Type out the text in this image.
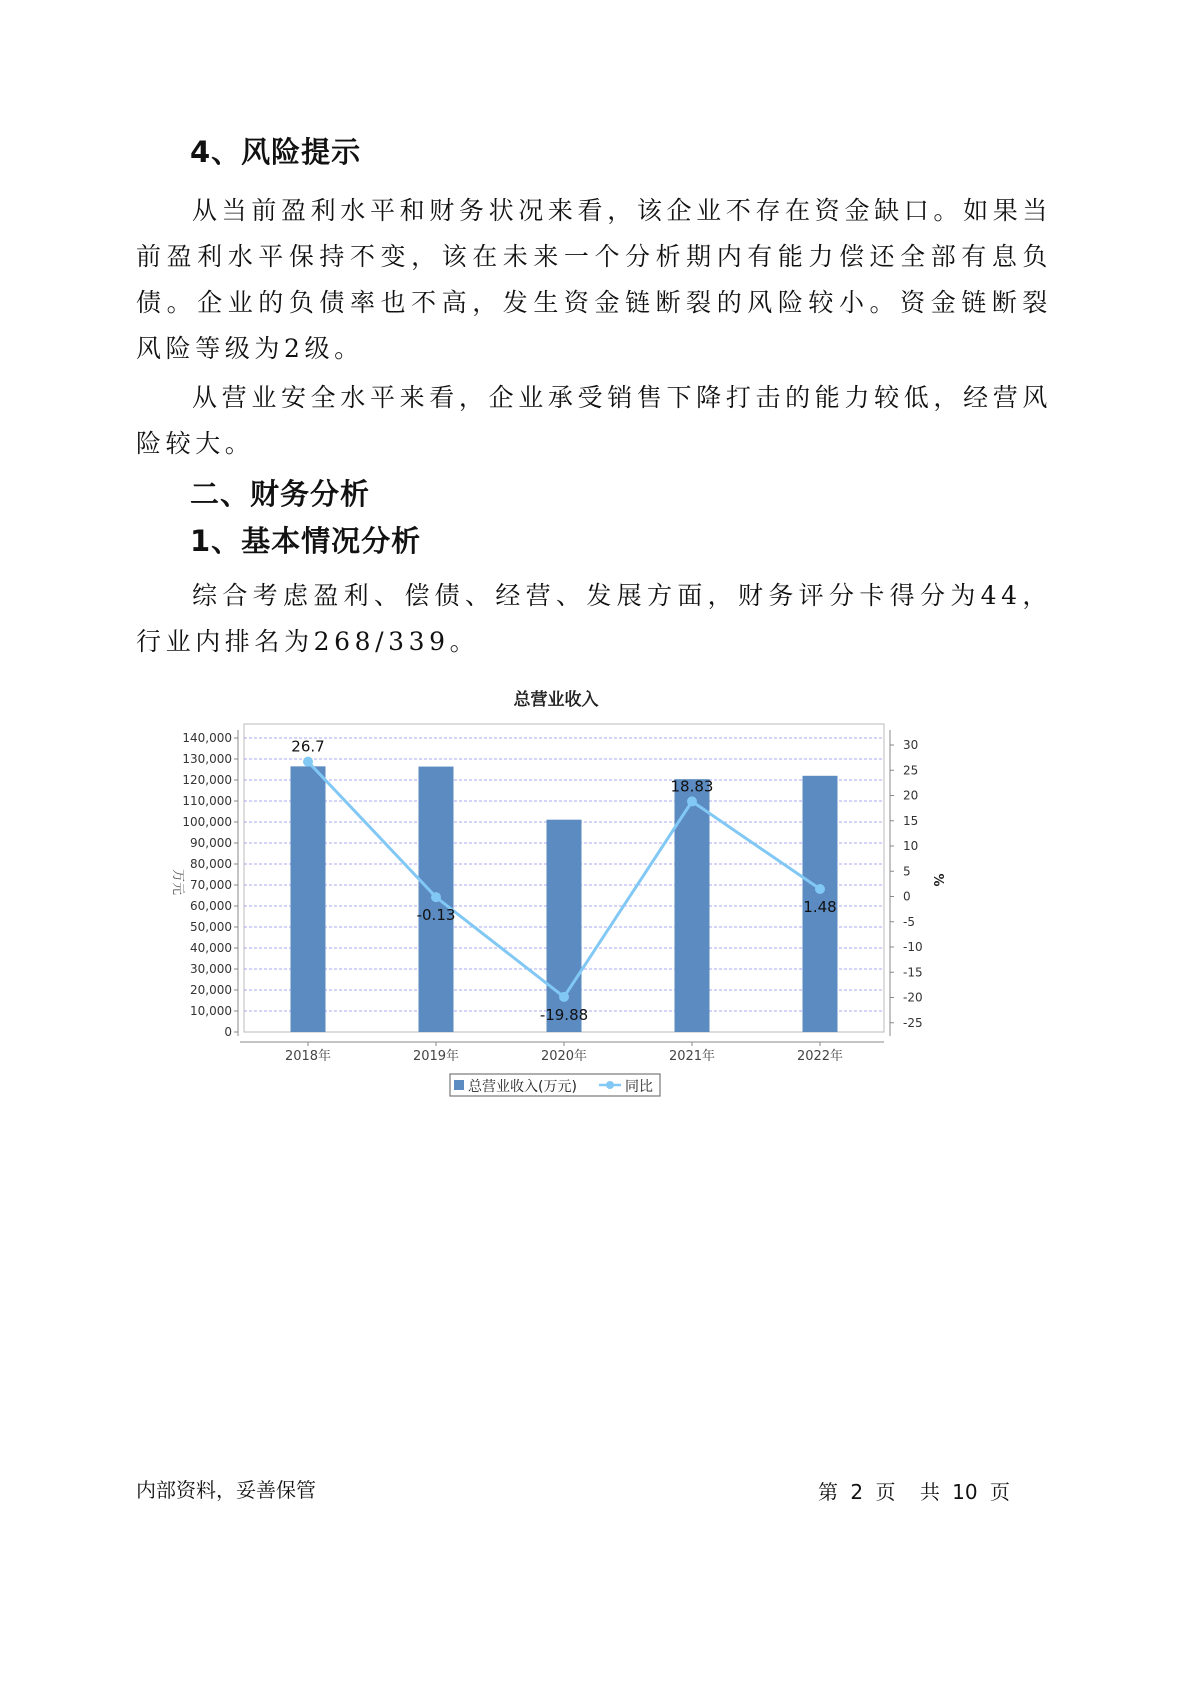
4、风险提示

从当前盈利水平和财务状况来看，该企业不存在资金缺口。如果当前盈利水平保持不变，该在未来一个分析期内有能力偿还全部有息负债。企业的负债率也不高，发生资金链断裂的风险较小。资金链断裂风险等级为2级。

从营业安全水平来看，企业承受销售下降打击的能力较低，经营风险较大。

二、财务分析
1、基本情况分析

综合考虑盈利、偿债、经营、发展方面，财务评分卡得分为44，行业内排名为268/339。

总营业收入
26.7
-0.13
-19.88
18.83
1.48
0
10,000
20,000
30,000
40,000
50,000
60,000
70,000
80,000
90,000
100,000
110,000
120,000
130,000
140,000
-25
-20
-15
-10
-5
0
5
10
15
20
25
30
2018年	2019年	2020年	2021年	2022年
万元	%
总营业收入(万元)	同比
内部资料，妥善保管	第 2 页 共 10 页
